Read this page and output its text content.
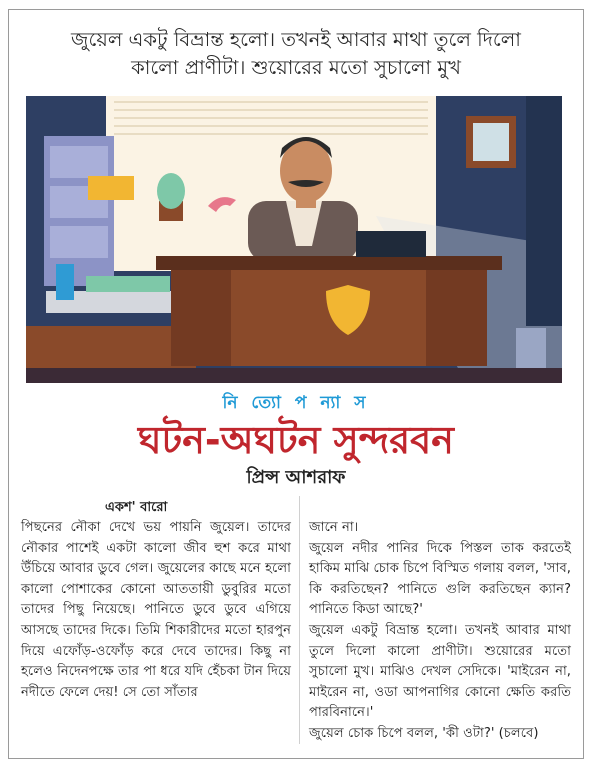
জুয়েল একটু বিভ্রান্ত হলো। তখনই আবার মাথা তুলে দিলো
কালো প্রাণীটা। শুয়োরের মতো সুচালো মুখ
নি ত্যো প ন্যা স
ঘটন-অঘটন সুন্দরবন
প্রিন্স আশরাফ
একশ' বারো

পিছনের নৌকা দেখে ভয় পায়নি জুয়েল। তাদের নৌকার পাশেই একটা কালো জীব হুশ করে মাথা উঁচিয়ে আবার ডুবে গেল। জুয়েলের কাছে মনে হলো কালো পোশাকের কোনো আততায়ী ডুবুরির মতো তাদের পিছু নিয়েছে। পানিতে ডুবে ডুবে এগিয়ে আসছে তাদের দিকে। তিমি শিকারীদের মতো হারপুন দিয়ে এফোঁড়-ওফোঁড় করে দেবে তাদের। কিছু না হলেও নিদেনপক্ষে তার পা ধরে যদি হেঁচকা টান দিয়ে নদীতে ফেলে দেয়! সে তো সাঁতার

জানে না।

জুয়েল নদীর পানির দিকে পিস্তল তাক করতেই হাকিম মাঝি চোক চিপে বিস্মিত গলায় বলল, 'সাব, কি করতিছেন? পানিতে গুলি করতিছেন ক্যান? পানিতে কিডা আছে?'

জুয়েল একটু বিভ্রান্ত হলো। তখনই আবার মাথা তুলে দিলো কালো প্রাণীটা। শুয়োরের মতো সুচালো মুখ। মাঝিও দেখল সেদিকে। 'মাইরেন না, মাইরেন না, ওডা আপনাগির কোনো ক্ষেতি করতি পারবিনানে।'

জুয়েল চোক চিপে বলল, 'কী ওটা?' (চলবে)
